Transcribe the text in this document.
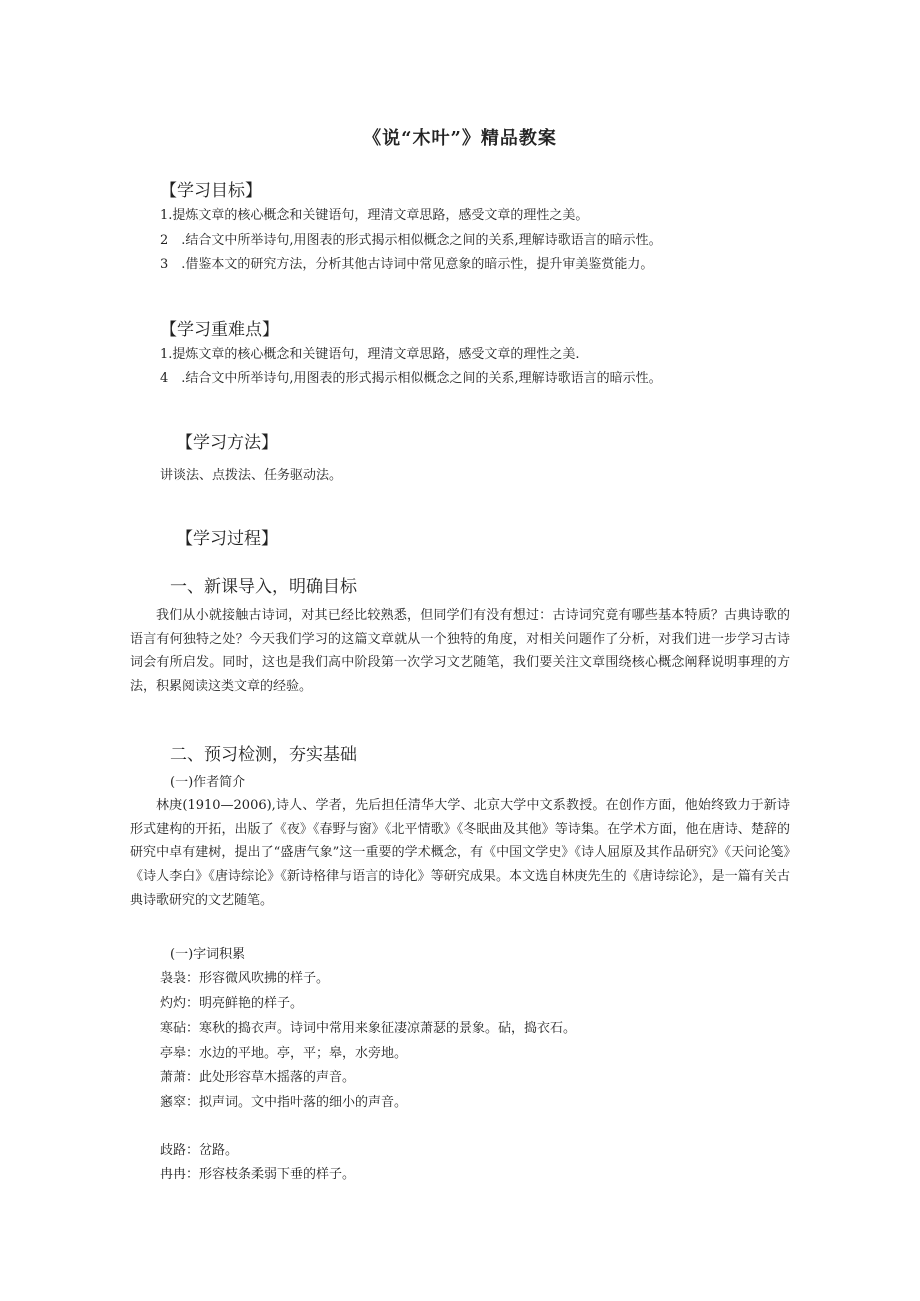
《说“木叶”》精品教案
【学习目标】
1.提炼文章的核心概念和关键语句，理清文章思路，感受文章的理性之美。
2　.结合文中所举诗句,用图表的形式揭示相似概念之间的关系,理解诗歌语言的暗示性。
3　.借鉴本文的研究方法，分析其他古诗词中常见意象的暗示性，提升审美鉴赏能力。
【学习重难点】
1.提炼文章的核心概念和关键语句，理清文章思路，感受文章的理性之美.
4　.结合文中所举诗句,用图表的形式揭示相似概念之间的关系,理解诗歌语言的暗示性。
【学习方法】
讲谈法、点拨法、任务驱动法。
【学习过程】
一、新课导入，明确目标

我们从小就接触古诗词，对其已经比较熟悉，但同学们有没有想过：古诗词究竟有哪些基本特质？古典诗歌的语言有何独特之处？今天我们学习的这篇文章就从一个独特的角度，对相关问题作了分析，对我们进一步学习古诗词会有所启发。同时，这也是我们高中阶段第一次学习文艺随笔，我们要关注文章围绕核心概念阐释说明事理的方法，积累阅读这类文章的经验。

二、预习检测，夯实基础
(一)作者简介

林庚(1910—2006),诗人、学者，先后担任清华大学、北京大学中文系教授。在创作方面，他始终致力于新诗形式建构的开拓，出版了《夜》《春野与窗》《北平情歌》《冬眠曲及其他》等诗集。在学术方面，他在唐诗、楚辞的研究中卓有建树，提出了“盛唐气象”这一重要的学术概念，有《中国文学史》《诗人屈原及其作品研究》《天问论笺》《诗人李白》《唐诗综论》《新诗格律与语言的诗化》等研究成果。本文选自林庚先生的《唐诗综论》，是一篇有关古典诗歌研究的文艺随笔。

(一)字词积累
袅袅：形容微风吹拂的样子。
灼灼：明亮鲜艳的样子。
寒砧：寒秋的捣衣声。诗词中常用来象征凄凉萧瑟的景象。砧，捣衣石。
亭皋：水边的平地。亭，平；皋，水旁地。
萧萧：此处形容草木摇落的声音。
窸窣：拟声词。文中指叶落的细小的声音。
歧路：岔路。
冉冉：形容枝条柔弱下垂的样子。
